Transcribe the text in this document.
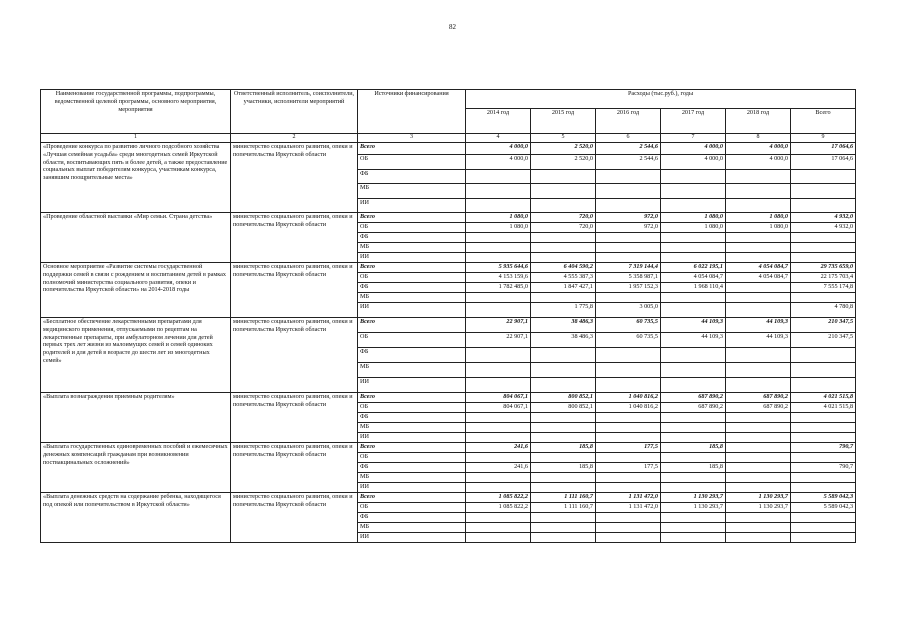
82
Наименование государственной программы, подпрограммы, ведомственной целевой программы, основного мероприятия, мероприятия	Ответственный исполнитель, соисполнители, участники, исполнители мероприятий	Источники финансирования	Расходы (тыс.руб.), годы					
			2014 год	2015 год	2016 год	2017 год	2018 год	Всего
1	2	3	4	5	6	7	8	9
«Проведение конкурса по развитию личного подсобного хозяйства «Лучшая семейная усадьба» среди многодетных семей Иркутской области, воспитывающих пять и более детей, а также предоставление социальных выплат победителям конкурса, участникам конкурса, занявшим поощрительные места»	министерство социального развития, опеки и попечительства Иркутской области	Всего	4 000,0	2 520,0	2 544,6	4 000,0	4 000,0	17 064,6
		ОБ	4 000,0	2 520,0	2 544,6	4 000,0	4 000,0	17 064,6
		ФБ						
		МБ						
		ИИ						
«Проведение областной выставки «Мир семьи. Страна детства»	министерство социального развития, опеки и попечительства Иркутской области	Всего	1 080,0	720,0	972,0	1 080,0	1 080,0	4 932,0
		ОБ	1 080,0	720,0	972,0	1 080,0	1 080,0	4 932,0
		ФБ						
		МБ						
		ИИ						
Основное мероприятие «Развитие системы государственной поддержки семей в связи с рождением и воспитанием детей в рамках полномочий министерства социального развития, опеки и попечительства Иркутской области» на 2014-2018 годы	министерство социального развития, опеки и попечительства Иркутской области	Всего	5 935 644,6	6 404 590,2	7 319 144,4	6 022 195,1	4 054 084,7	29 735 659,0
		ОБ	4 153 159,6	4 555 387,3	5 358 987,1	4 054 084,7	4 054 084,7	22 175 703,4
		ФБ	1 782 485,0	1 847 427,1	1 957 152,3	1 968 110,4		7 555 174,8
		МБ						
		ИИ		1 775,8	3 005,0			4 780,8
«Бесплатное обеспечение лекарственными препаратами для медицинского применения, отпускаемыми по рецептам на лекарственные препараты, при амбулаторном лечении для детей первых трех лет жизни из малоимущих семей и семей одиноких родителей и для детей в возрасте до шести лет из многодетных семей»	министерство социального развития, опеки и попечительства Иркутской области	Всего	22 907,1	38 486,3	60 735,5	44 109,3	44 109,3	210 347,5
		ОБ	22 907,1	38 486,3	60 735,5	44 109,3	44 109,3	210 347,5
		ФБ						
		МБ						
		ИИ						
«Выплата вознаграждения приемным родителям»	министерство социального развития, опеки и попечительства Иркутской области	Всего	804 067,1	800 852,1	1 040 816,2	687 890,2	687 890,2	4 021 515,8
		ОБ	804 067,1	800 852,1	1 040 816,2	687 890,2	687 890,2	4 021 515,8
		ФБ						
		МБ						
		ИИ						
«Выплата государственных единовременных пособий и ежемесячных денежных компенсаций гражданам при возникновении поствакцинальных осложнений»	министерство социального развития, опеки и попечительства Иркутской области	Всего	241,6	185,8	177,5	185,8		790,7
		ОБ						
		ФБ	241,6	185,8	177,5	185,8		790,7
		МБ						
		ИИ						
«Выплата денежных средств на содержание ребенка, находящегося под опекой или попечительством в Иркутской области»	министерство социального развития, опеки и попечительства Иркутской области	Всего	1 085 822,2	1 111 160,7	1 131 472,0	1 130 293,7	1 130 293,7	5 589 042,3
		ОБ	1 085 822,2	1 111 160,7	1 131 472,0	1 130 293,7	1 130 293,7	5 589 042,3
		ФБ						
		МБ						
		ИИ						
